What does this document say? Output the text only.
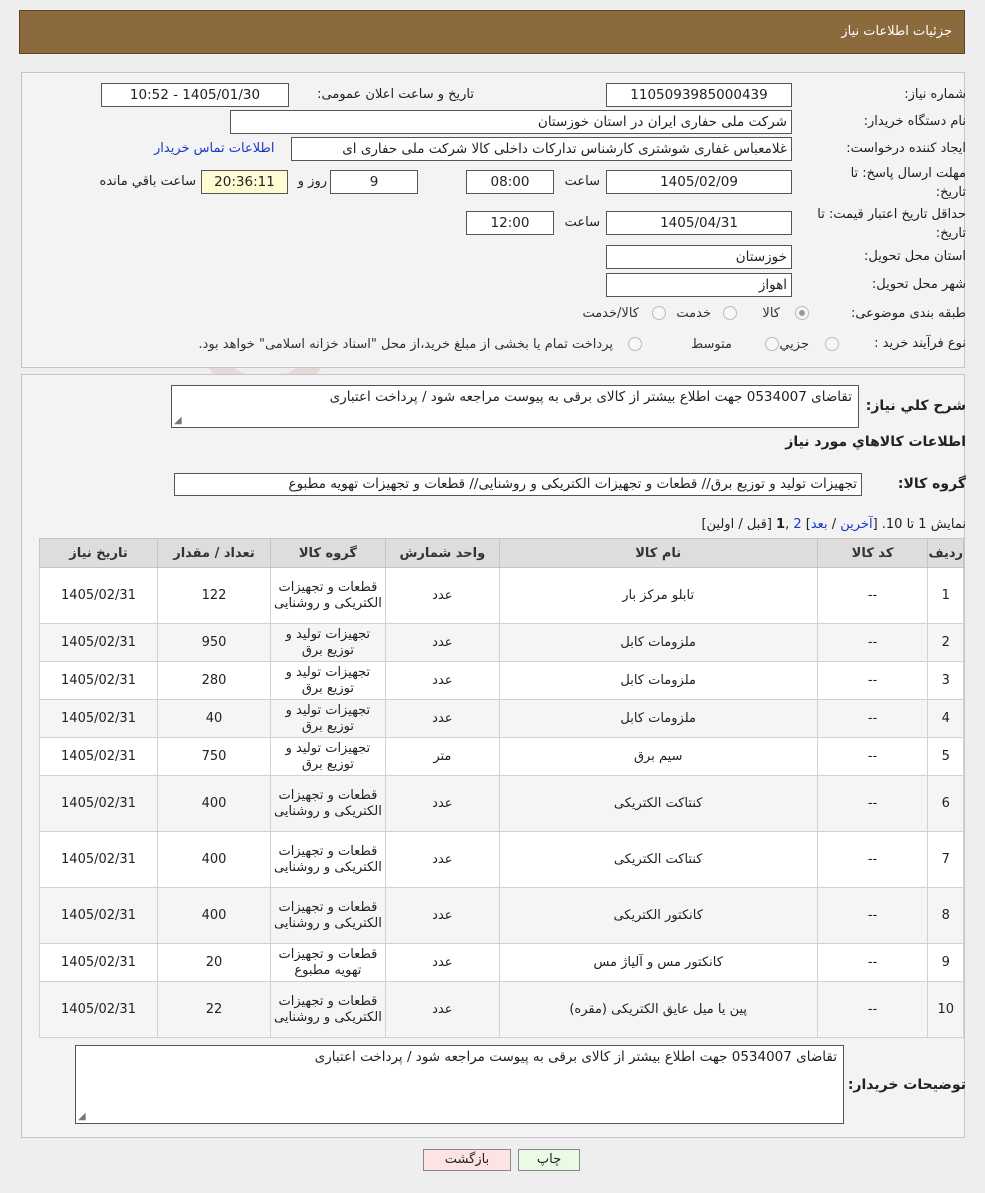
جزئیات اطلاعات نیاز
شماره نیاز:
1105093985000439
تاریخ و ساعت اعلان عمومی:
1405/01/30 - 10:52
نام دستگاه خریدار:
شرکت ملی حفاری ایران در استان خوزستان
ایجاد کننده درخواست:
غلامعباس غفاری شوشتری کارشناس تدارکات داخلی کالا شرکت ملی حفاری ای
اطلاعات تماس خریدار
مهلت ارسال پاسخ: تا
تاریخ:
1405/02/09
ساعت
08:00
9
روز و
20:36:11
ساعت باقي مانده
حداقل تاریخ اعتبار قیمت: تا
تاریخ:
1405/04/31
ساعت
12:00
استان محل تحویل:
خوزستان
شهر محل تحویل:
اهواز
طبقه بندی موضوعی:
کالا
خدمت
کالا/خدمت
نوع فرآیند خرید :
جزیي
متوسط
پرداخت تمام یا بخشی از مبلغ خرید،از محل "اسناد خزانه اسلامی" خواهد بود.
شرح کلي نیاز:
تقاضای 0534007 جهت اطلاع بیشتر از کالای برقی به پیوست مراجعه شود / پرداخت اعتباری
◢
اطلاعات کالاهاي مورد نیاز
گروه کالا:
تجهیزات تولید و توزیع برق// قطعات و تجهیزات الکتریکی و روشنایی// قطعات و تجهیزات تهویه مطبوع
نمایش 1 تا 10. [آخرین / بعد] 2 ,1 [قبل / اولین]
ردیف	کد کالا	نام کالا	واحد شمارش	گروه کالا	تعداد / مقدار	تاریخ نیاز
1	--	تابلو مرکز بار	عدد	قطعات و تجهیزات الکتریکی و روشنایی	122	1405/02/31
2	--	ملزومات کابل	عدد	تجهیزات تولید و توزیع برق	950	1405/02/31
3	--	ملزومات کابل	عدد	تجهیزات تولید و توزیع برق	280	1405/02/31
4	--	ملزومات کابل	عدد	تجهیزات تولید و توزیع برق	40	1405/02/31
5	--	سیم برق	متر	تجهیزات تولید و توزیع برق	750	1405/02/31
6	--	کنتاکت الکتریکی	عدد	قطعات و تجهیزات الکتریکی و روشنایی	400	1405/02/31
7	--	کنتاکت الکتریکی	عدد	قطعات و تجهیزات الکتریکی و روشنایی	400	1405/02/31
8	--	کانکتور الکتریکی	عدد	قطعات و تجهیزات الکتریکی و روشنایی	400	1405/02/31
9	--	کانکتور مس و آلیاژ مس	عدد	قطعات و تجهیزات تهویه مطبوع	20	1405/02/31
10	--	پین یا میل عایق الکتریکی (مقره)	عدد	قطعات و تجهیزات الکتریکی و روشنایی	22	1405/02/31
توضیحات خریدار:
تقاضای 0534007 جهت اطلاع بیشتر از کالای برقی به پیوست مراجعه شود / پرداخت اعتباری
◢
چاپ
بازگشت
